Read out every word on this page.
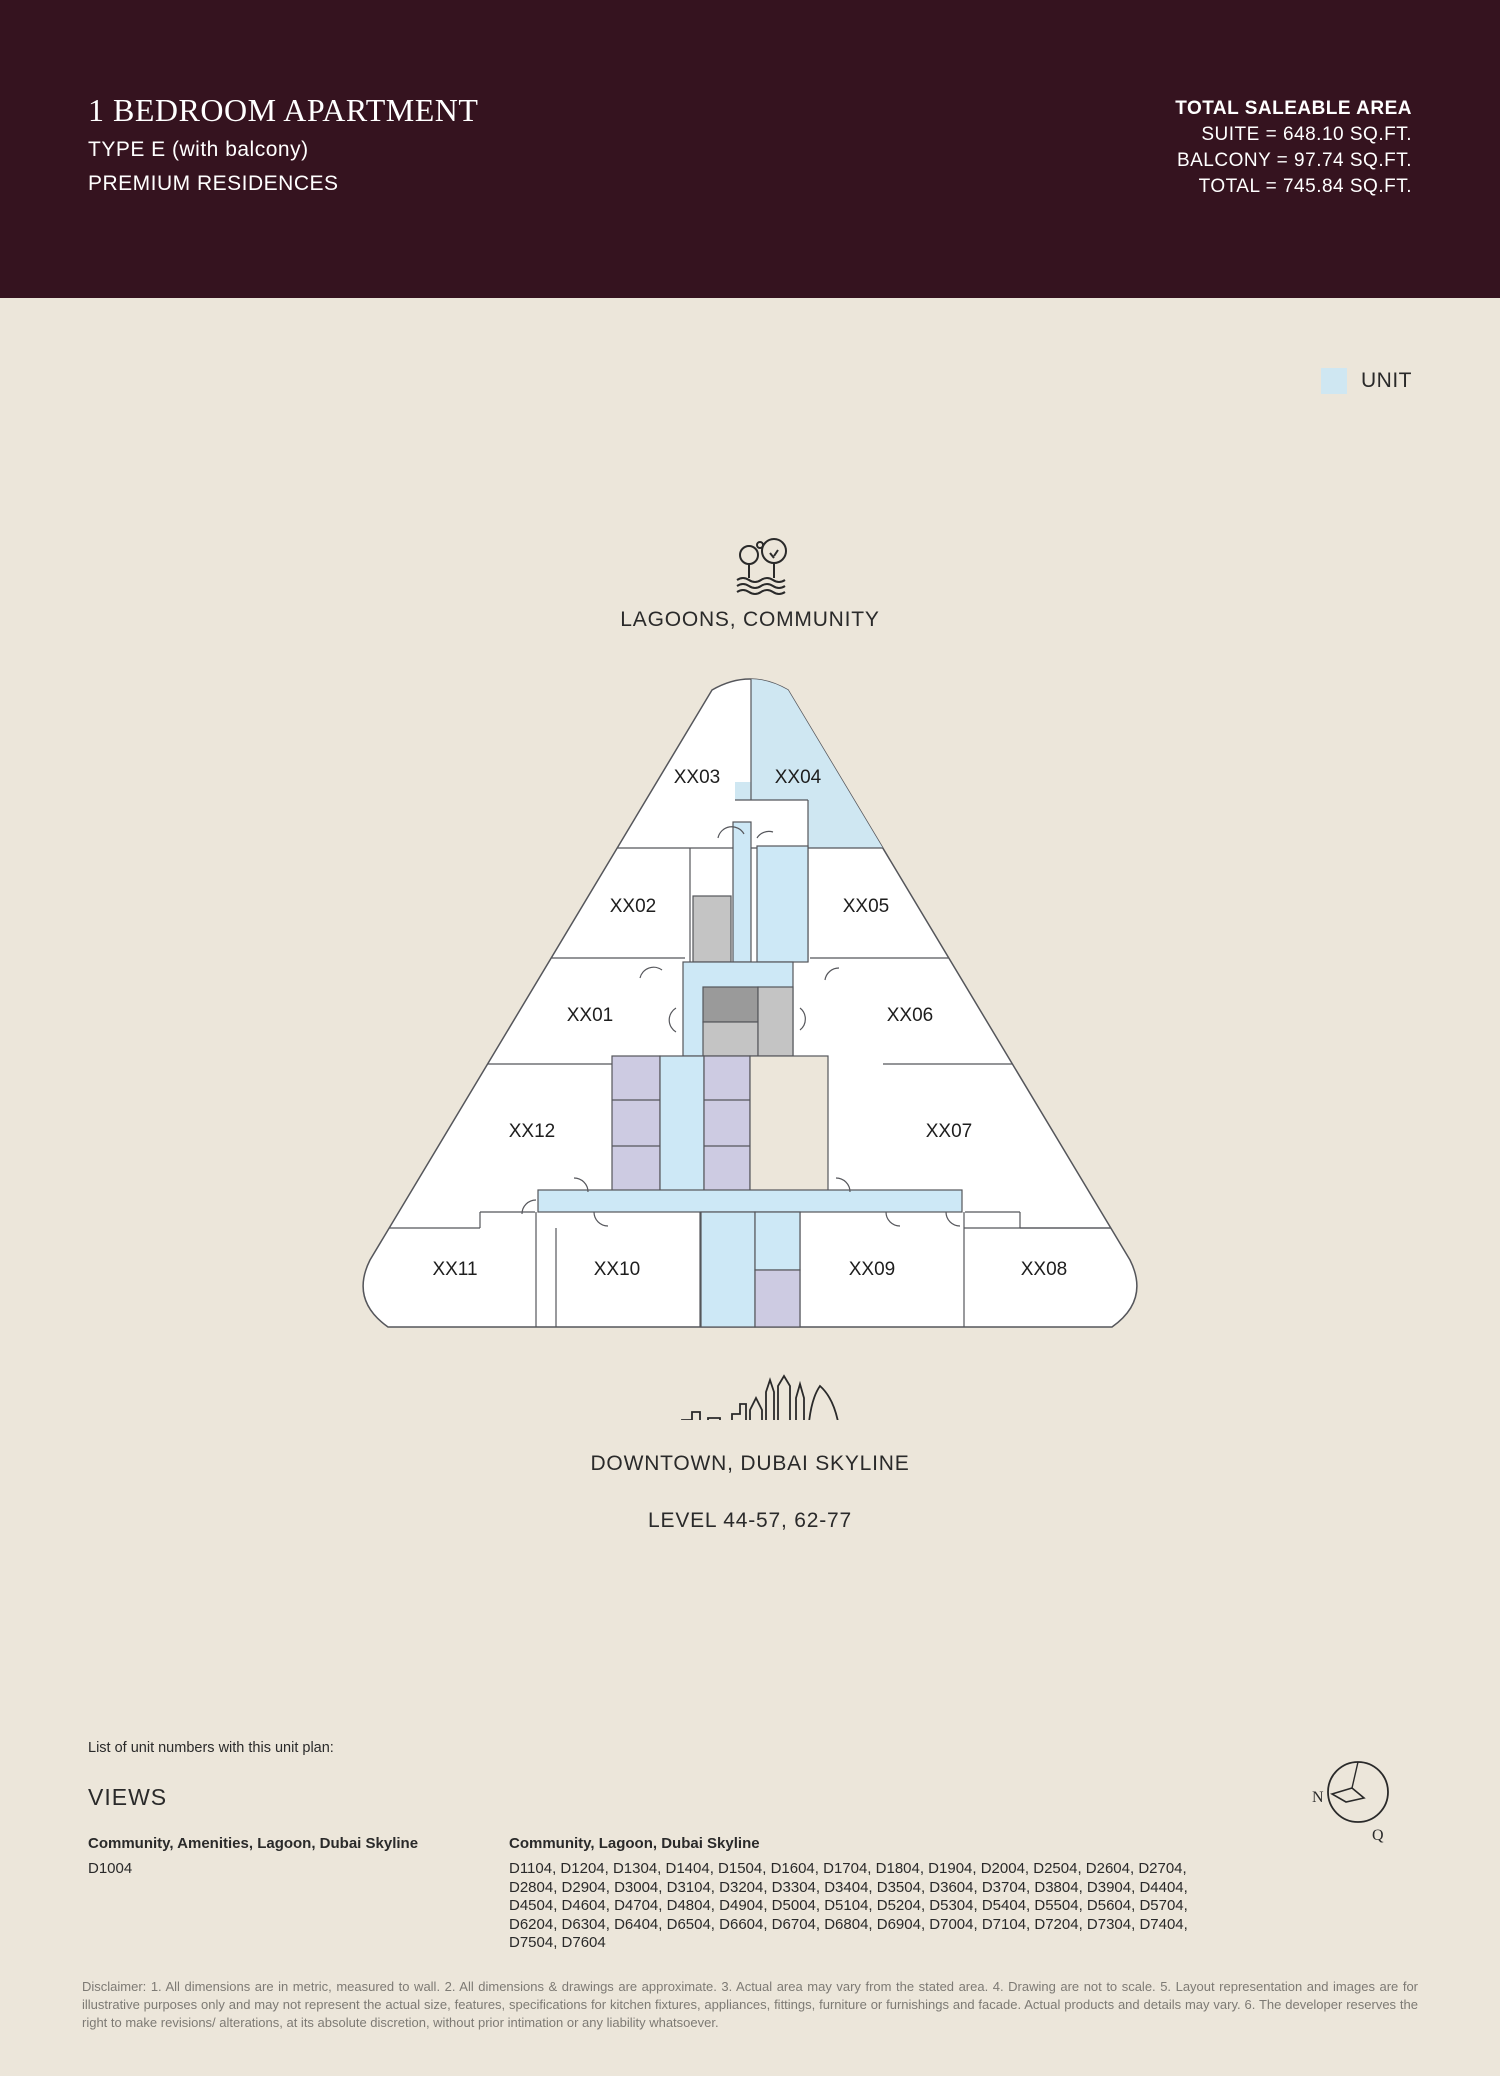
1 BEDROOM APARTMENT
TYPE E (with balcony)
PREMIUM RESIDENCES
TOTAL SALEABLE AREA
SUITE = 648.10 SQ.FT.
BALCONY = 97.74 SQ.FT.
TOTAL = 745.84 SQ.FT.
UNIT
XX03	XX04
XX02	XX05
XX01	XX06
XX12	XX07
XX11	XX10	XX09	XX08
LAGOONS, COMMUNITY
DOWNTOWN, DUBAI SKYLINE
LEVEL 44-57, 62-77
List of unit numbers with this unit plan:
VIEWS
Community, Amenities, Lagoon, Dubai Skyline
D1004
Community, Lagoon, Dubai Skyline
D1104, D1204, D1304, D1404, D1504, D1604, D1704, D1804, D1904, D2004, D2504, D2604, D2704, D2804, D2904, D3004, D3104, D3204, D3304, D3404, D3504, D3604, D3704, D3804, D3904, D4404, D4504, D4604, D4704, D4804, D4904, D5004, D5104, D5204, D5304, D5404, D5504, D5604, D5704, D6204, D6304, D6404, D6504, D6604, D6704, D6804, D6904, D7004, D7104, D7204, D7304, D7404, D7504, D7604
N
Q
Disclaimer: 1. All dimensions are in metric, measured to wall. 2. All dimensions & drawings are approximate. 3. Actual area may vary from the stated area. 4. Drawing are not to scale. 5. Layout representation and images are for illustrative purposes only and may not represent the actual size, features, specifications for kitchen fixtures, appliances, fittings, furniture or furnishings and facade. Actual products and details may vary. 6. The developer reserves the right to make revisions/ alterations, at its absolute discretion, without prior intimation or any liability whatsoever.
